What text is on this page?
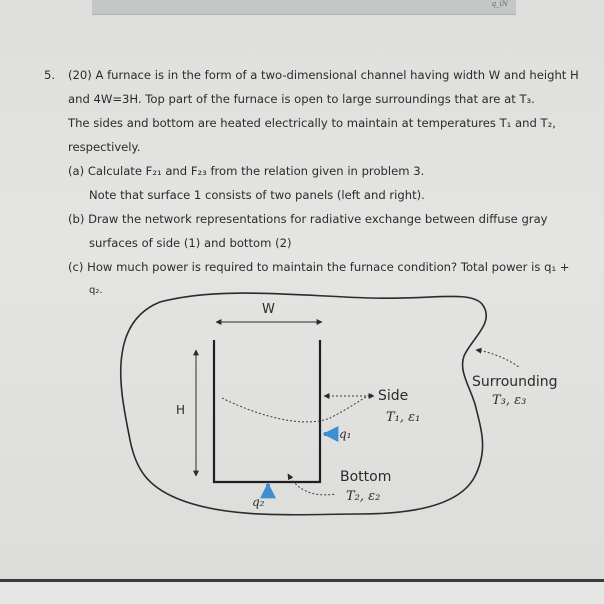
q_iN
5. (20) A furnace is in the form of a two-dimensional channel having width W and height H
and 4W=3H. Top part of the furnace is open to large surroundings that are at T₃.
The sides and bottom are heated electrically to maintain at temperatures T₁ and T₂,
respectively.
(a) Calculate F₂₁ and F₂₃ from the relation given in problem 3.
Note that surface 1 consists of two panels (left and right).
(b) Draw the network representations for radiative exchange between diffuse gray
surfaces of side (1) and bottom (2)
(c) How much power is required to maintain the furnace condition? Total power is q₁ +
q₂.
W
H
Side
T₁, ε₁
q₁
Bottom
T₂, ε₂
q₂
Surrounding
T₃, ε₃
